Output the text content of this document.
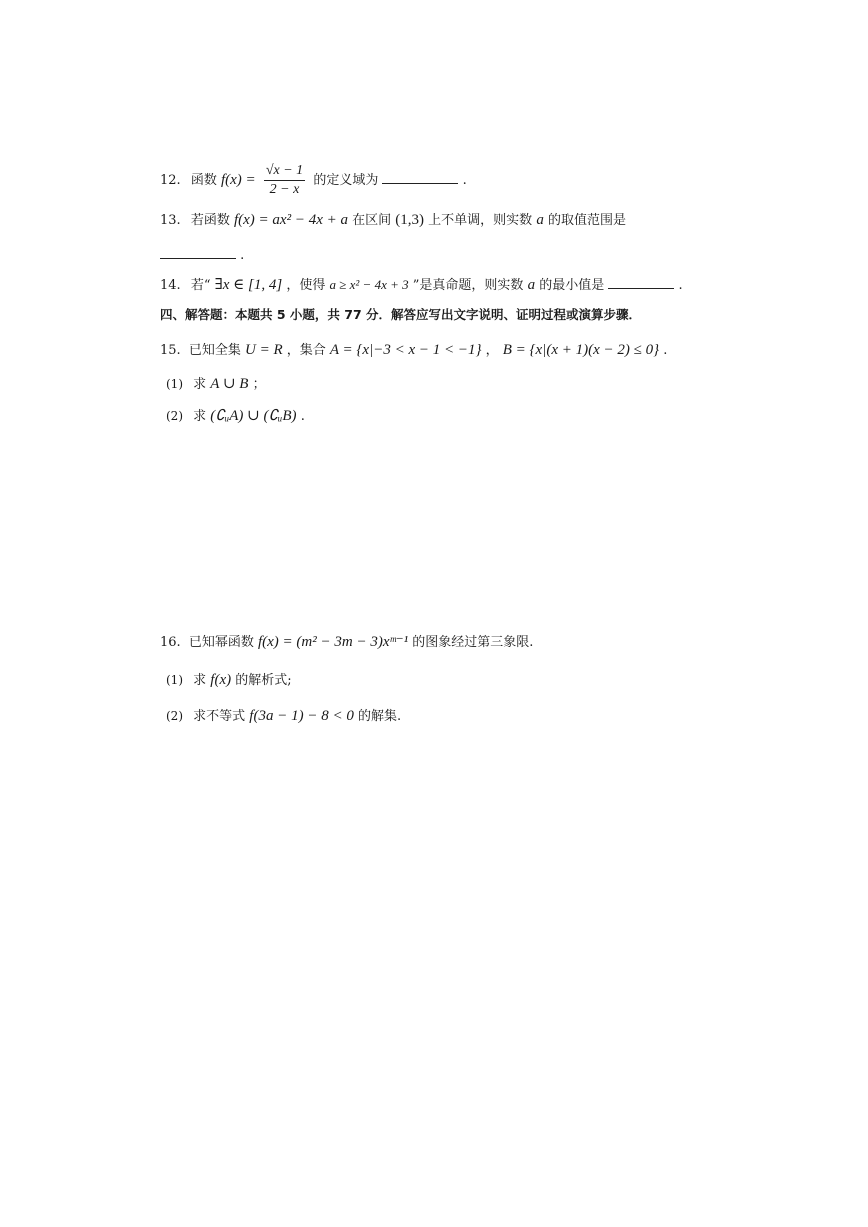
12. 函数 $f(x) = \frac{√x - 1}{2 - x}$ 的定义域为	.
13. 若函数 f(x) = ax² − 4x + a 在区间 (1,3) 上不单调，则实数 a 的取值范围是
.
14. 若“ ∃x ∈ [1, 4] ，使得 a ≥ x² − 4x + 3 ”是真命题，则实数 a 的最小值是	.
四、解答题：本题共 5 小题，共 77 分．解答应写出文字说明、证明过程或演算步骤．
15. 已知全集 U = R ，集合 A = {x|−3 < x − 1 < −1} ， B = {x|(x + 1)(x − 2) ≤ 0} .
(1) 求 A ∪ B ；
(2) 求 (∁ᵤA) ∪ (∁ᵤB) .
16. 已知幂函数 f(x) = (m² − 3m − 3)xᵐ⁻¹ 的图象经过第三象限.
(1) 求 f(x) 的解析式;
(2) 求不等式 f(3a − 1) − 8 < 0 的解集.
